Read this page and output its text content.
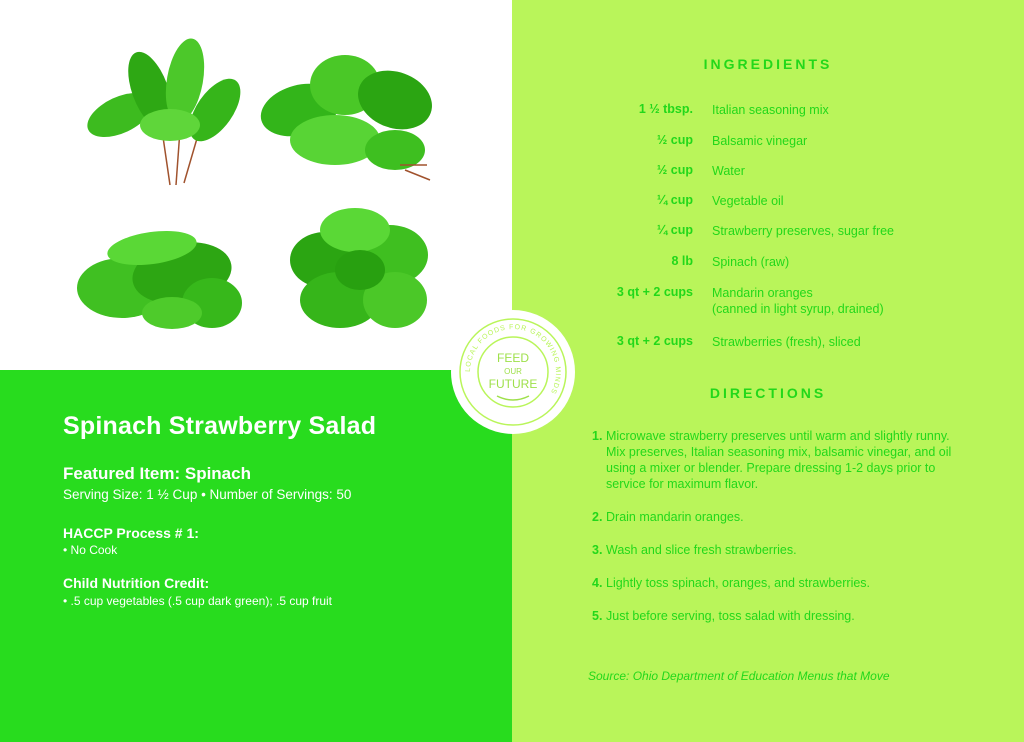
Spinach Strawberry Salad
Featured Item: Spinach
Serving Size: 1 ½ Cup • Number of Servings: 50
HACCP Process # 1:
• No Cook
Child Nutrition Credit:
• .5 cup vegetables (.5 cup dark green); .5 cup fruit
INGREDIENTS
1 ½ tbsp. Italian seasoning mix
½ cup Balsamic vinegar
½ cup Water
¼ cup Vegetable oil
¼ cup Strawberry preserves, sugar free
8 lb Spinach (raw)
3 qt + 2 cups Mandarin oranges
(canned in light syrup, drained)
3 qt + 2 cups Strawberries (fresh), sliced
DIRECTIONS
1. Microwave strawberry preserves until warm and slightly runny. Mix preserves, Italian seasoning mix, balsamic vinegar, and oil using a mixer or blender. Prepare dressing 1-2 days prior to service for maximum flavor.
2. Drain mandarin oranges.
3. Wash and slice fresh strawberries.
4. Lightly toss spinach, oranges, and strawberries.
5. Just before serving, toss salad with dressing.
Source: Ohio Department of Education Menus that Move
LOCAL FOODS FOR GROWING MINDS
FEED
OUR
FUTURE
